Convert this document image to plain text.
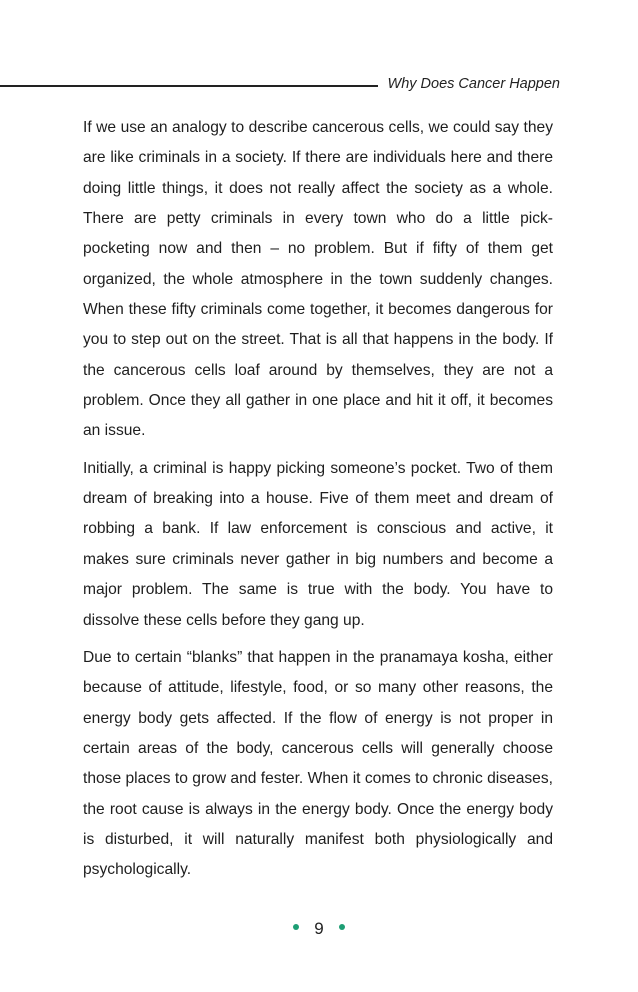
Why Does Cancer Happen

If we use an analogy to describe cancerous cells, we could say they are like criminals in a society. If there are individuals here and there doing little things, it does not really affect the society as a whole. There are petty criminals in every town who do a little pick-pocketing now and then – no problem. But if fifty of them get organized, the whole atmosphere in the town suddenly changes. When these fifty criminals come together, it becomes dangerous for you to step out on the street. That is all that happens in the body. If the cancerous cells loaf around by themselves, they are not a problem. Once they all gather in one place and hit it off, it becomes an issue.

Initially, a criminal is happy picking someone’s pocket. Two of them dream of breaking into a house. Five of them meet and dream of robbing a bank. If law enforcement is conscious and active, it makes sure criminals never gather in big numbers and become a major problem. The same is true with the body. You have to dissolve these cells before they gang up.

Due to certain “blanks” that happen in the pranamaya kosha, either because of attitude, lifestyle, food, or so many other reasons, the energy body gets affected. If the flow of energy is not proper in certain areas of the body, cancerous cells will generally choose those places to grow and fester. When it comes to chronic diseases, the root cause is always in the energy body. Once the energy body is disturbed, it will naturally manifest both physiologically and psychologically.

9
